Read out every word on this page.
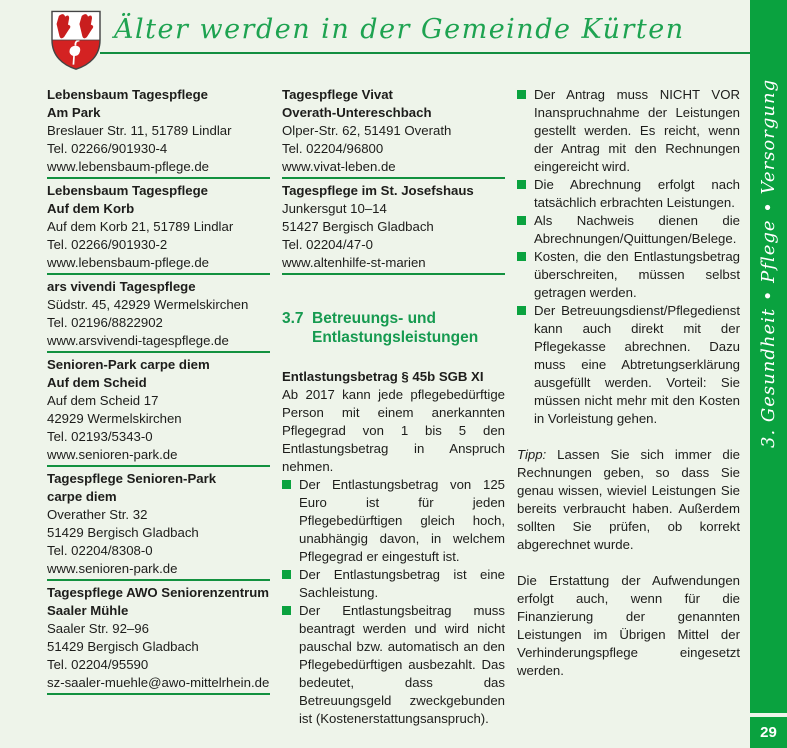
Älter werden in der Gemeinde Kürten
3. Gesundheit • Pflege • Versorgung
29
Lebensbaum Tagespflege
Am Park
Breslauer Str. 11, 51789 Lindlar
Tel. 02266/901930-4
www.lebensbaum-pflege.de
Lebensbaum Tagespflege
Auf dem Korb
Auf dem Korb 21, 51789 Lindlar
Tel. 02266/901930-2
www.lebensbaum-pflege.de
ars vivendi Tagespflege
Südstr. 45, 42929 Wermelskirchen
Tel. 02196/8822902
www.arsvivendi-tagespflege.de
Senioren-Park carpe diem
Auf dem Scheid
Auf dem Scheid 17
42929 Wermelskirchen
Tel. 02193/5343-0
www.senioren-park.de
Tagespflege Senioren-Park
carpe diem
Overather Str. 32
51429 Bergisch Gladbach
Tel. 02204/8308-0
www.senioren-park.de
Tagespflege AWO Seniorenzentrum
Saaler Mühle
Saaler Str. 92–96
51429 Bergisch Gladbach
Tel. 02204/95590
sz-saaler-muehle@awo-mittelrhein.de
Tagespflege Vivat
Overath-Untereschbach
Olper-Str. 62, 51491 Overath
Tel. 02204/96800
www.vivat-leben.de
Tagespflege im St. Josefshaus
Junkersgut 10–14
51427 Bergisch Gladbach
Tel. 02204/47-0
www.altenhilfe-st-marien
3.7 Betreuungs- und
Entlastungsleistungen
Entlastungsbetrag § 45b SGB XI
Ab 2017 kann jede pflegebedürftige Person mit einem anerkannten Pflegegrad von 1 bis 5 den Entlastungsbetrag in Anspruch nehmen.
Der Entlastungsbetrag von 125 Euro ist für jeden Pflegebedürftigen gleich hoch, unabhängig davon, in welchem Pflegegrad er eingestuft ist.
Der Entlastungsbetrag ist eine Sachleistung.
Der Entlastungsbeitrag muss beantragt werden und wird nicht pauschal bzw. automatisch an den Pflegebedürftigen ausbezahlt. Das bedeutet, dass das Betreuungsgeld zweckgebunden ist (Kostenerstattungsanspruch).
Der Antrag muss NICHT VOR Inanspruchnahme der Leistungen gestellt werden. Es reicht, wenn der Antrag mit den Rechnungen eingereicht wird.
Die Abrechnung erfolgt nach tatsächlich erbrachten Leistungen.
Als Nachweis dienen die Abrechnungen/Quittungen/Belege.
Kosten, die den Entlastungsbetrag überschreiten, müssen selbst getragen werden.
Der Betreuungsdienst/Pflegedienst kann auch direkt mit der Pflegekasse abrechnen. Dazu muss eine Abtretungserklärung ausgefüllt werden. Vorteil: Sie müssen nicht mehr mit den Kosten in Vorleistung gehen.
Tipp: Lassen Sie sich immer die Rechnungen geben, so dass Sie genau wissen, wieviel Leistungen Sie bereits verbraucht haben. Außerdem sollten Sie prüfen, ob korrekt abgerechnet wurde.
Die Erstattung der Aufwendungen erfolgt auch, wenn für die Finanzierung der genannten Leistungen im Übrigen Mittel der Verhinderungspflege eingesetzt werden.
